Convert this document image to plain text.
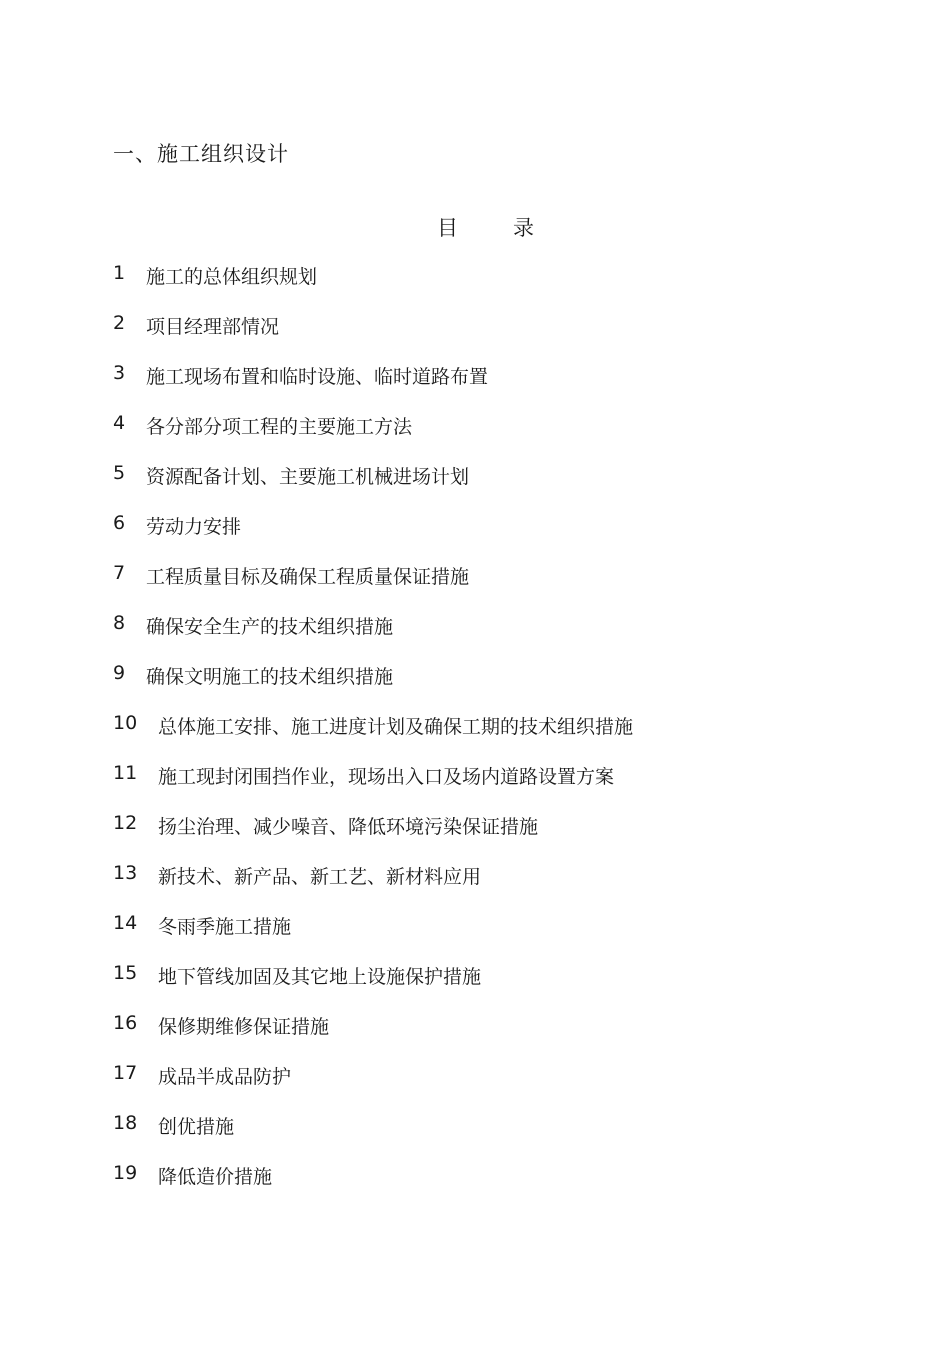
一、施工组织设计
目	录
1 施工的总体组织规划
2 项目经理部情况
3 施工现场布置和临时设施、临时道路布置
4 各分部分项工程的主要施工方法
5 资源配备计划、主要施工机械进场计划
6 劳动力安排
7 工程质量目标及确保工程质量保证措施
8 确保安全生产的技术组织措施
9 确保文明施工的技术组织措施
10 总体施工安排、施工进度计划及确保工期的技术组织措施
11 施工现封闭围挡作业，现场出入口及场内道路设置方案
12 扬尘治理、减少噪音、降低环境污染保证措施
13 新技术、新产品、新工艺、新材料应用
14 冬雨季施工措施
15 地下管线加固及其它地上设施保护措施
16 保修期维修保证措施
17 成品半成品防护
18 创优措施
19 降低造价措施
